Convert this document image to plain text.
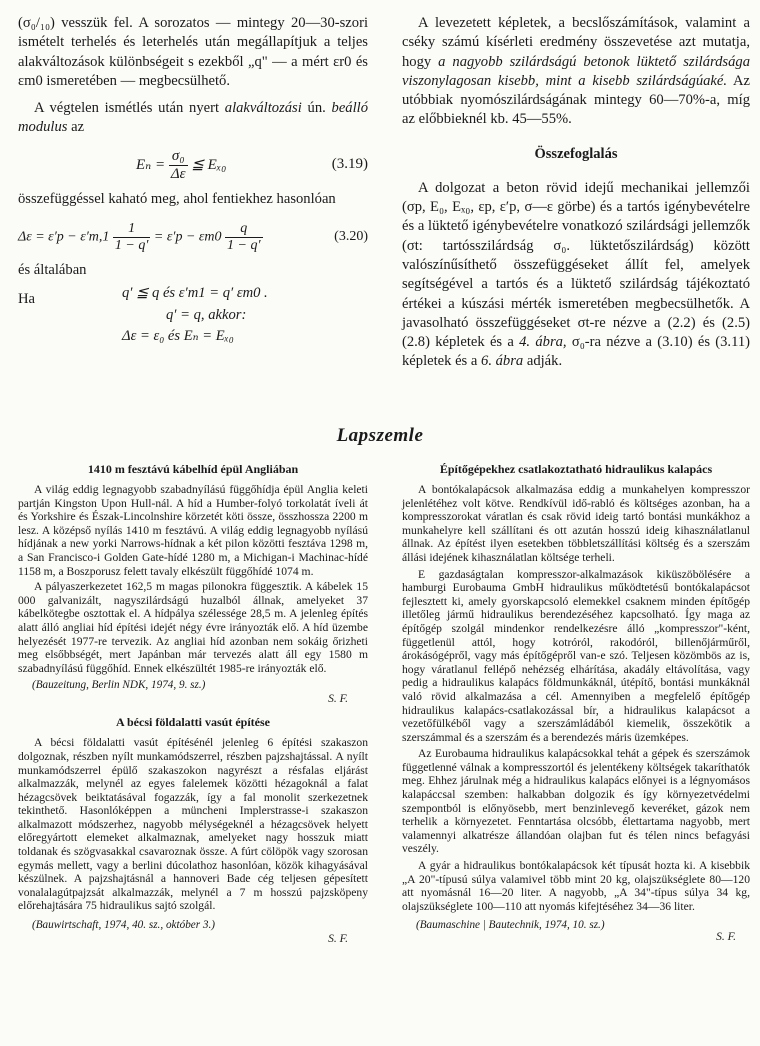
(σ₀/₁₀) vesszük fel. A sorozatos — mintegy 20—30-szori ismételt terhelés és leterhelés után megállapítjuk a teljes alakváltozások különbségeit s ezekből „q" — a mért εr0 és εm0 ismeretében — megbecsülhető.

A végtelen ismétlés után nyert alakváltozási ún. beálló modulus az

$E_n = \frac{\text{σ₀}}{\Delta\varepsilon}$ ≦ Eₓ₀	(3.19)

összefüggéssel kaható meg, ahol fentiekhez hasonlóan

$\Delta\varepsilon = \varepsilon'p - \varepsilon'm,1 \frac{1}{1 - q'} = \varepsilon'p - \varepsilon m0 \frac{q}{1 - q'}$	(3.20)

és általában

Ha	q′ ≦ q és ε′m1 = q′ εm0 .
q′ = q, akkor:
Δε = ε₀ és Eₙ = Eₓ₀

A levezetett képletek, a becslőszámítások, valamint a cséky számú kísérleti eredmény összevetése azt mutatja, hogy a nagyobb szilárdságú betonok lüktető szilárdsága viszonylagosan kisebb, mint a kisebb szilárdságúaké. Az utóbbiak nyomószilárdságának mintegy 60—70%-a, míg az előbbieknél kb. 45—55%.

Összefoglalás

A dolgozat a beton rövid idejű mechanikai jellemzői (σp, E₀, Eₓ₀, εp, ε′p, σ—ε görbe) és a tartós igénybevételre és a lüktető igénybevételre vonatkozó szilárdsági jellemzők (σt: tartósszilárdság σ₀. lüktetőszilárdság) között valószínűsíthető összefüggéseket állít fel, amelyek segítségével a tartós és a lüktető szilárdság tájékoztató értékei a kúszási mérték ismeretében megbecsülhetők. A javasolható összefüggéseket σt-re nézve a (2.2) és (2.5) (2.8) képletek és a 4. ábra, σ₀-ra nézve a (3.10) és (3.11) képletek és a 6. ábra adják.

Lapszemle
1410 m fesztávú kábelhíd épül Angliában

A világ eddig legnagyobb szabadnyílású függőhídja épül Anglia keleti partján Kingston Upon Hull-nál. A híd a Humber-folyó torkolatát íveli át és Yorkshire és Észak-Lincolnshire körzetét köti össze, összhossza 2200 m lesz. A középső nyílás 1410 m fesztávú. A világ eddig legnagyobb nyílású hídjának a new yorki Narrows-hídnak a két pilon közötti fesztáva 1298 m, a San Francisco-i Golden Gate-hídé 1280 m, a Michigan-i Machinac-hídé 1158 m, a Boszporusz felett tavaly elkészült függőhídé 1074 m.

A pályaszerkezetet 162,5 m magas pilonokra függesztik. A kábelek 15 000 galvanizált, nagyszilárdságú huzalból állnak, amelyeket 37 kábelkötegbe osztottak el. A hídpálya szélessége 28,5 m. A jelenleg építés alatt álló angliai híd építési idejét négy évre irányozták elő. A híd üzembe helyezését 1977-re tervezik. Az angliai híd azonban nem sokáig őrizheti meg elsőbbségét, mert Japánban már tervezés alatt áll egy 1580 m szabadnyílású függőhíd. Ennek elkészültét 1985-re irányozták elő.

(Bauzeitung, Berlin NDK, 1974, 9. sz.)
S. F.
A bécsi földalatti vasút építése

A bécsi földalatti vasút építésénél jelenleg 6 építési szakaszon dolgoznak, részben nyílt munkamódszerrel, részben pajzshajtással. A nyílt munkamódszerrel épülő szakaszokon nagyrészt a résfalas eljárást alkalmazzák, melynél az egyes falelemek közötti hézagoknál a falat hézagcsövek beiktatásával fogazzák, így a fal monolit szerkezetnek tekinthető. Hasonlóképpen a müncheni Implerstrasse-i szakaszon alkalmazott módszerhez, nagyobb mélységeknél a hézagcsövek helyett előregyártott elemeket alkalmaznak, amelyeket nagy hosszuk miatt toldanak és szögvasakkal csavaroznak össze. A fúrt cölöpök vagy szorosan egymás mellett, vagy a berlini dúcolathoz hasonlóan, közök kihagyásával készülnek. A pajzshajtásnál a hannoveri Bade cég teljesen gépesített vonalalagútpajzsát alkalmazzák, melynél a 7 m hosszú pajzsköpeny előrehajtására 75 hidraulikus sajtó szolgál.

(Bauwirtschaft, 1974, 40. sz., október 3.)
S. F.
Építőgépekhez csatlakoztatható hidraulikus kalapács

A bontókalapácsok alkalmazása eddig a munkahelyen kompresszor jelenlétéhez volt kötve. Rendkívül idő-rabló és költséges azonban, ha a kompresszorokat váratlan és csak rövid ideig tartó bontási munkákhoz a munkahelyre kell szállítani és ott azután hosszú ideig kihasználatlanul állnak. Az építést ilyen esetekben többletszállítási költség és a szerszám állási idejének kihasználatlan költsége terheli.

E gazdaságtalan kompresszor-alkalmazások kiküszöbölésére a hamburgi Eurobauma GmbH hidraulikus működtetésű bontókalapácsot fejlesztett ki, amely gyorskapcsoló elemekkel csaknem minden építőgép illetőleg jármű hidraulikus berendezéséhez kapcsolható. Így maga az építőgép szolgál mindenkor rendelkezésre álló „kompresszor"-ként, függetlenül attól, hogy kotróról, rakodóról, billenőjárműről, árokásógépről, vagy más építőgépről van-e szó. Teljesen közömbös az is, hogy váratlanul fellépő nehézség elhárítása, akadály eltávolítása, vagy pedig a hidraulikus kalapács földmunkáknál, útépítő, bontási munkáknál való rövid alkalmazása a cél. Amennyiben a megfelelő építőgép hidraulikus kalapács-csatlakozással bír, a hidraulikus kalapácsot a vezetőfülkéből vagy a szerszámládából kiemelik, összekötik a szerszámmal és a szerszám és a berendezés máris üzemképes.

Az Eurobauma hidraulikus kalapácsokkal tehát a gépek és szerszámok függetlenné válnak a kompresszortól és jelentékeny költségek takaríthatók meg. Ehhez járulnak még a hidraulikus kalapács előnyei is a légnyomásos kalapáccsal szemben: halkabban dolgozik és így környezetvédelmi szempontból is előnyösebb, mert benzinlevegő keveréket, gázok nem terhelik a környezetet. Fenntartása olcsóbb, élettartama nagyobb, mert valamennyi alkatrésze állandóan olajban fut és télen nincs befagyási veszély.

A gyár a hidraulikus bontókalapácsok két típusát hozta ki. A kisebbik „A 20"-típusú súlya valamivel több mint 20 kg, olajszükséglete 80—120 att nyomásnál 16—20 liter. A nagyobb, „A 34"-típus súlya 34 kg, olajszükséglete 100—110 att nyomás kifejtéséhez 34—36 liter.

(Baumaschine | Bautechnik, 1974, 10. sz.)
S. F.
